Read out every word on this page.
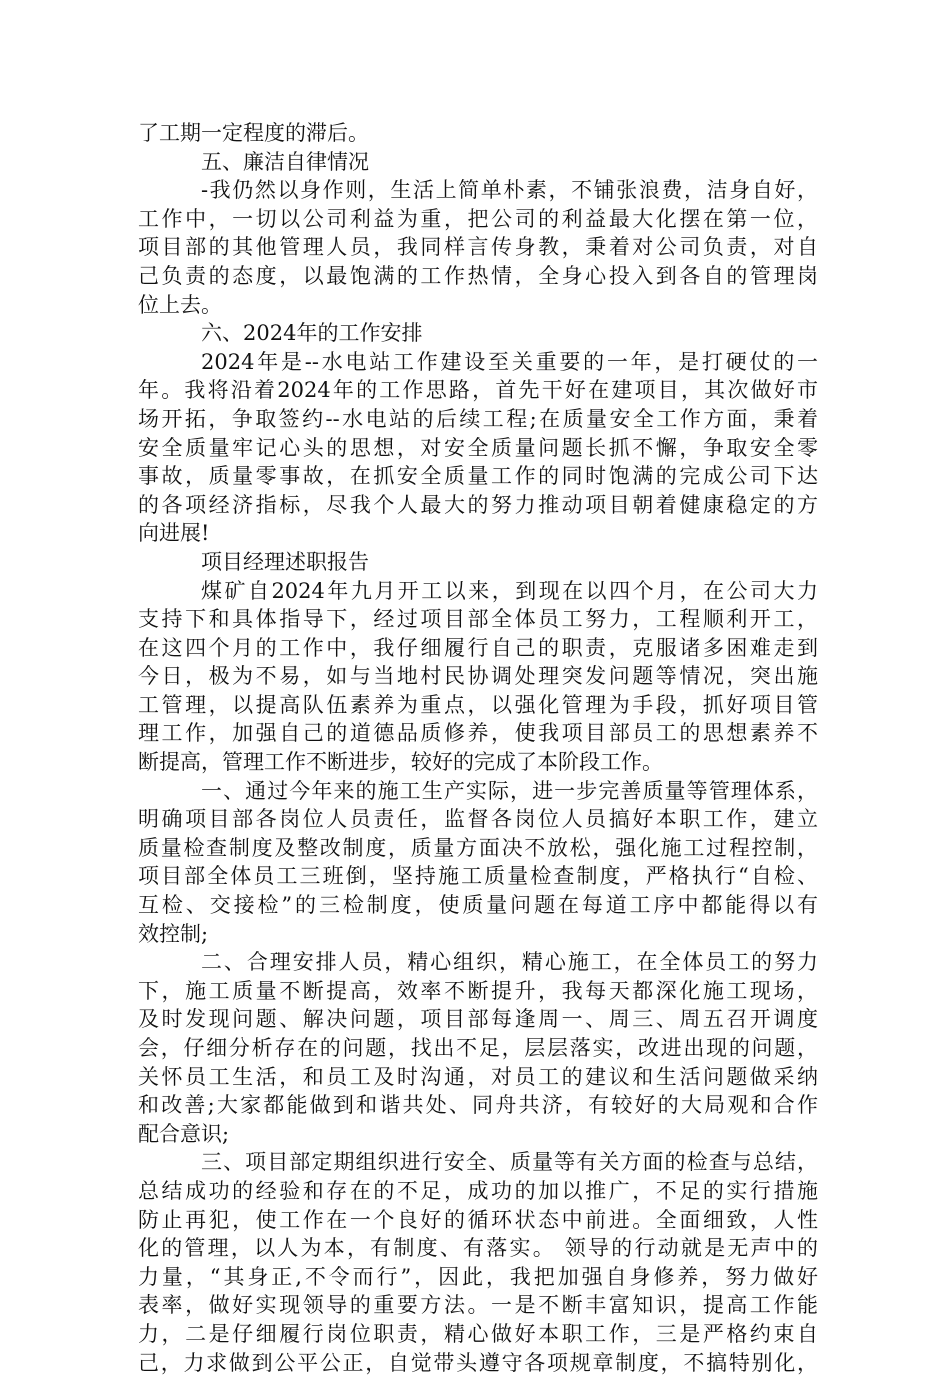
了工期一定程度的滞后。
五、廉洁自律情况
-我仍然以身作则，生活上简单朴素，不铺张浪费，洁身自好，
工作中，一切以公司利益为重，把公司的利益最大化摆在第一位，
项目部的其他管理人员，我同样言传身教，秉着对公司负责，对自
己负责的态度，以最饱满的工作热情，全身心投入到各自的管理岗
位上去。
六、2024年的工作安排
2024年是--水电站工作建设至关重要的一年，是打硬仗的一
年。我将沿着2024年的工作思路，首先干好在建项目，其次做好市
场开拓，争取签约--水电站的后续工程;在质量安全工作方面，秉着
安全质量牢记心头的思想，对安全质量问题长抓不懈，争取安全零
事故，质量零事故，在抓安全质量工作的同时饱满的完成公司下达
的各项经济指标，尽我个人最大的努力推动项目朝着健康稳定的方
向进展!
项目经理述职报告
煤矿自2024年九月开工以来，到现在以四个月，在公司大力
支持下和具体指导下，经过项目部全体员工努力，工程顺利开工，
在这四个月的工作中，我仔细履行自己的职责，克服诸多困难走到
今日，极为不易，如与当地村民协调处理突发问题等情况，突出施
工管理，以提高队伍素养为重点，以强化管理为手段，抓好项目管
理工作，加强自己的道德品质修养，使我项目部员工的思想素养不
断提高，管理工作不断进步，较好的完成了本阶段工作。
一、通过今年来的施工生产实际，进一步完善质量等管理体系，
明确项目部各岗位人员责任，监督各岗位人员搞好本职工作，建立
质量检查制度及整改制度，质量方面决不放松，强化施工过程控制，
项目部全体员工三班倒，坚持施工质量检查制度，严格执行“自检、
互检、交接检”的三检制度，使质量问题在每道工序中都能得以有
效控制;
二、合理安排人员，精心组织，精心施工，在全体员工的努力
下，施工质量不断提高，效率不断提升，我每天都深化施工现场，
及时发现问题、解决问题，项目部每逢周一、周三、周五召开调度
会，仔细分析存在的问题，找出不足，层层落实，改进出现的问题，
关怀员工生活，和员工及时沟通，对员工的建议和生活问题做采纳
和改善;大家都能做到和谐共处、同舟共济，有较好的大局观和合作
配合意识;
三、项目部定期组织进行安全、质量等有关方面的检查与总结，
总结成功的经验和存在的不足，成功的加以推广，不足的实行措施
防止再犯，使工作在一个良好的循环状态中前进。全面细致，人性
化的管理，以人为本，有制度、有落实。 领导的行动就是无声中的
力量，“其身正,不令而行”，因此，我把加强自身修养，努力做好
表率，做好实现领导的重要方法。一是不断丰富知识，提高工作能
力，二是仔细履行岗位职责，精心做好本职工作，三是严格约束自
己，力求做到公平公正，自觉带头遵守各项规章制度，不搞特别化，
